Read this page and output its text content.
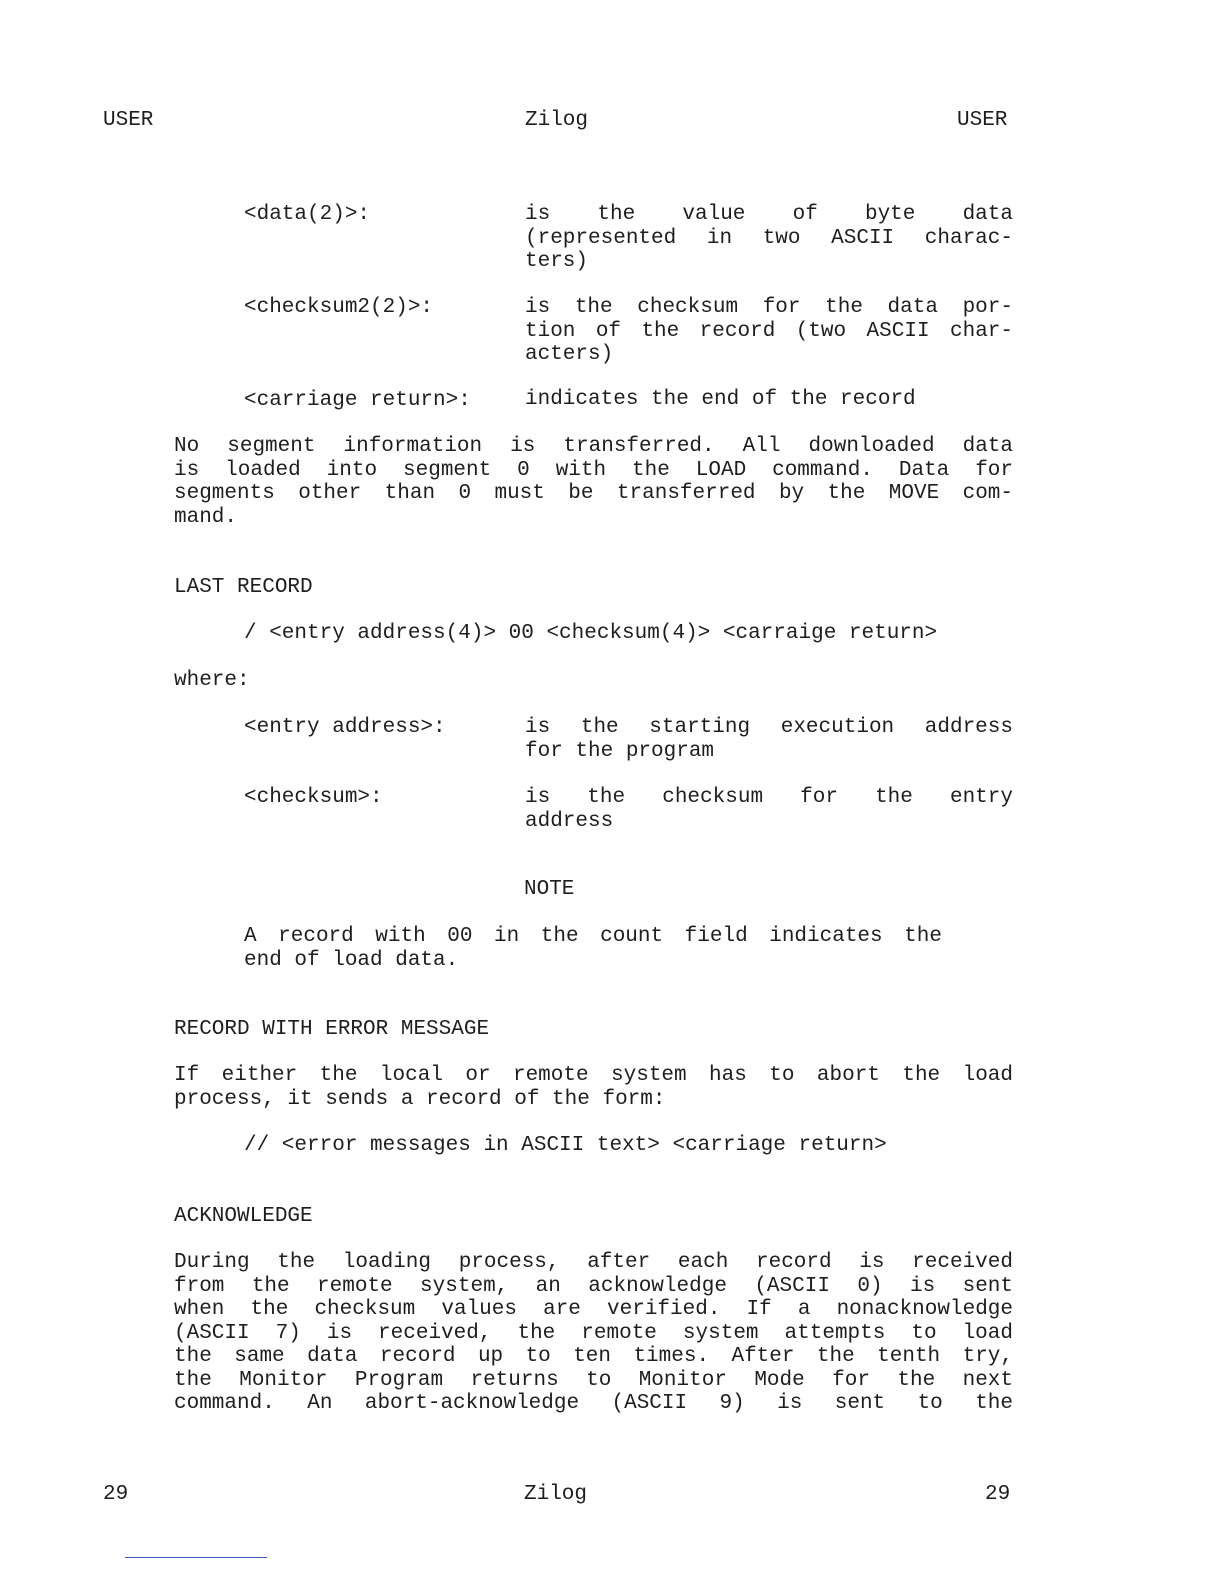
USER	Zilog	USER
<data(2)>:	is the value of byte data
(represented in two ASCII charac-
ters)
<checksum2(2)>:	is the checksum for the data por-
tion of the record (two ASCII char-
acters)
<carriage return>:	indicates the end of the record
No segment information is transferred. All downloaded data
is loaded into segment 0 with the LOAD command. Data for
segments other than 0 must be transferred by the MOVE com-
mand.
LAST RECORD
/ <entry address(4)> 00 <checksum(4)> <carraige return>
where:
<entry address>:	is the starting execution address
for the program
<checksum>:	is the checksum for the entry
address
NOTE
A record with 00 in the count field indicates the
end of load data.
RECORD WITH ERROR MESSAGE
If either the local or remote system has to abort the load
process, it sends a record of the form:
// <error messages in ASCII text> <carriage return>
ACKNOWLEDGE
During the loading process, after each record is received
from the remote system, an acknowledge (ASCII 0) is sent
when the checksum values are verified. If a nonacknowledge
(ASCII 7) is received, the remote system attempts to load
the same data record up to ten times. After the tenth try,
the Monitor Program returns to Monitor Mode for the next
command. An abort-acknowledge (ASCII 9) is sent to the
29	Zilog	29
